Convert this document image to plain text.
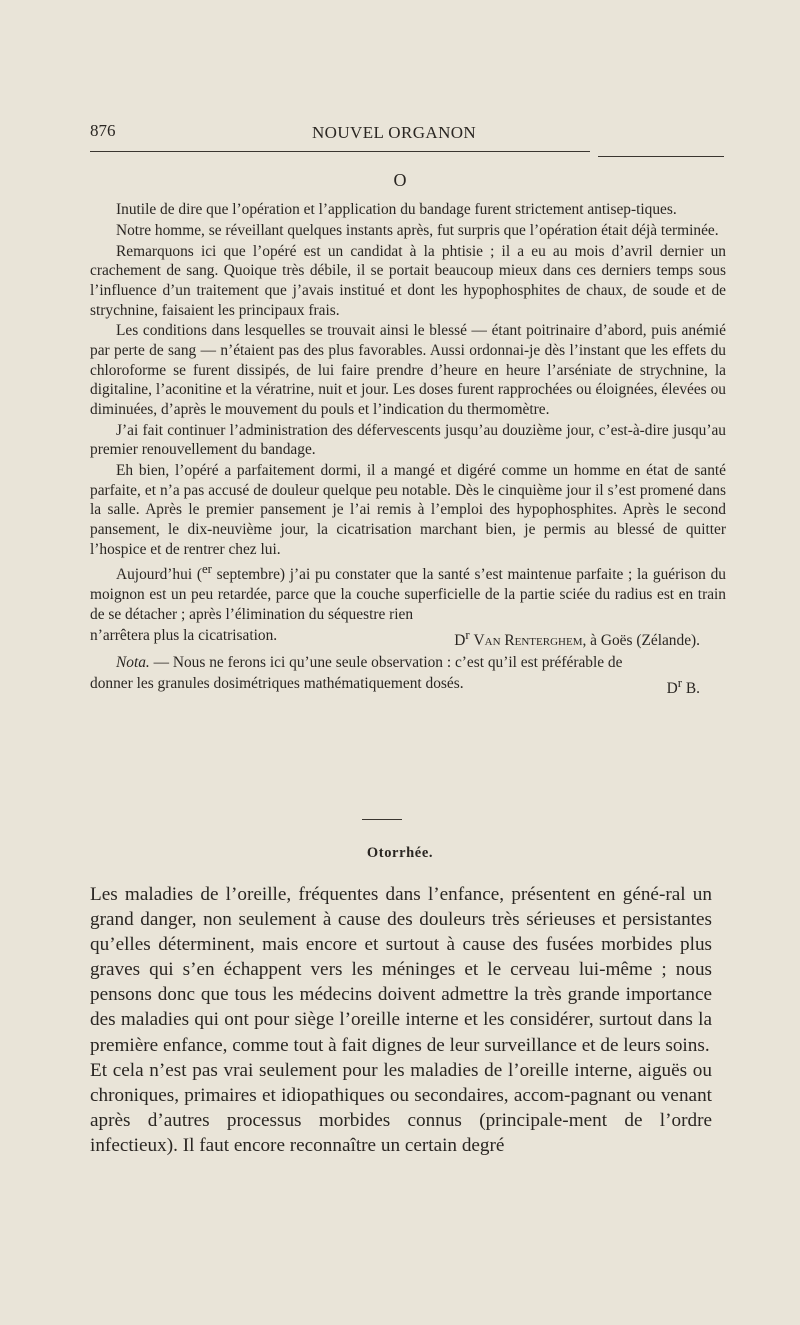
876	NOUVEL ORGANON
O

Inutile de dire que l’opération et l’application du bandage furent strictement antisep-tiques.

Notre homme, se réveillant quelques instants après, fut surpris que l’opération était déjà terminée.

Remarquons ici que l’opéré est un candidat à la phtisie ; il a eu au mois d’avril dernier un crachement de sang. Quoique très débile, il se portait beaucoup mieux dans ces derniers temps sous l’influence d’un traitement que j’avais institué et dont les hypophosphites de chaux, de soude et de strychnine, faisaient les principaux frais.

Les conditions dans lesquelles se trouvait ainsi le blessé — étant poitrinaire d’abord, puis anémié par perte de sang — n’étaient pas des plus favorables. Aussi ordonnai-je dès l’instant que les effets du chloroforme se furent dissipés, de lui faire prendre d’heure en heure l’arséniate de strychnine, la digitaline, l’aconitine et la vératrine, nuit et jour. Les doses furent rapprochées ou éloignées, élevées ou diminuées, d’après le mouvement du pouls et l’indication du thermomètre.

J’ai fait continuer l’administration des défervescents jusqu’au douzième jour, c’est-à-dire jusqu’au premier renouvellement du bandage.

Eh bien, l’opéré a parfaitement dormi, il a mangé et digéré comme un homme en état de santé parfaite, et n’a pas accusé de douleur quelque peu notable. Dès le cinquième jour il s’est promené dans la salle. Après le premier pansement je l’ai remis à l’emploi des hypophosphites. Après le second pansement, le dix-neuvième jour, la cicatrisation marchant bien, je permis au blessé de quitter l’hospice et de rentrer chez lui.

Aujourd’hui ($^{er}$ septembre) j’ai pu constater que la santé s’est maintenue parfaite ; la guérison du moignon est un peu retardée, parce que la couche superficielle de la partie sciée du radius est en train de se détacher ; après l’élimination du séquestre rien

n’arrêtera plus la cicatrisation.	$D^r$ Van Renterghem, à Goës (Zélande).

Nota. — Nous ne ferons ici qu’une seule observation : c’est qu’il est préférable de

donner les granules dosimétriques mathématiquement dosés.	$D^r$ B.
Otorrhée.

Les maladies de l’oreille, fréquentes dans l’enfance, présentent en géné-ral un grand danger, non seulement à cause des douleurs très sérieuses et persistantes qu’elles déterminent, mais encore et surtout à cause des fusées morbides plus graves qui s’en échappent vers les méninges et le cerveau lui-même ; nous pensons donc que tous les médecins doivent admettre la très grande importance des maladies qui ont pour siège l’oreille interne et les considérer, surtout dans la première enfance, comme tout à fait dignes de leur surveillance et de leurs soins.

Et cela n’est pas vrai seulement pour les maladies de l’oreille interne, aiguës ou chroniques, primaires et idiopathiques ou secondaires, accom-pagnant ou venant après d’autres processus morbides connus (principale-ment de l’ordre infectieux). Il faut encore reconnaître un certain degré
